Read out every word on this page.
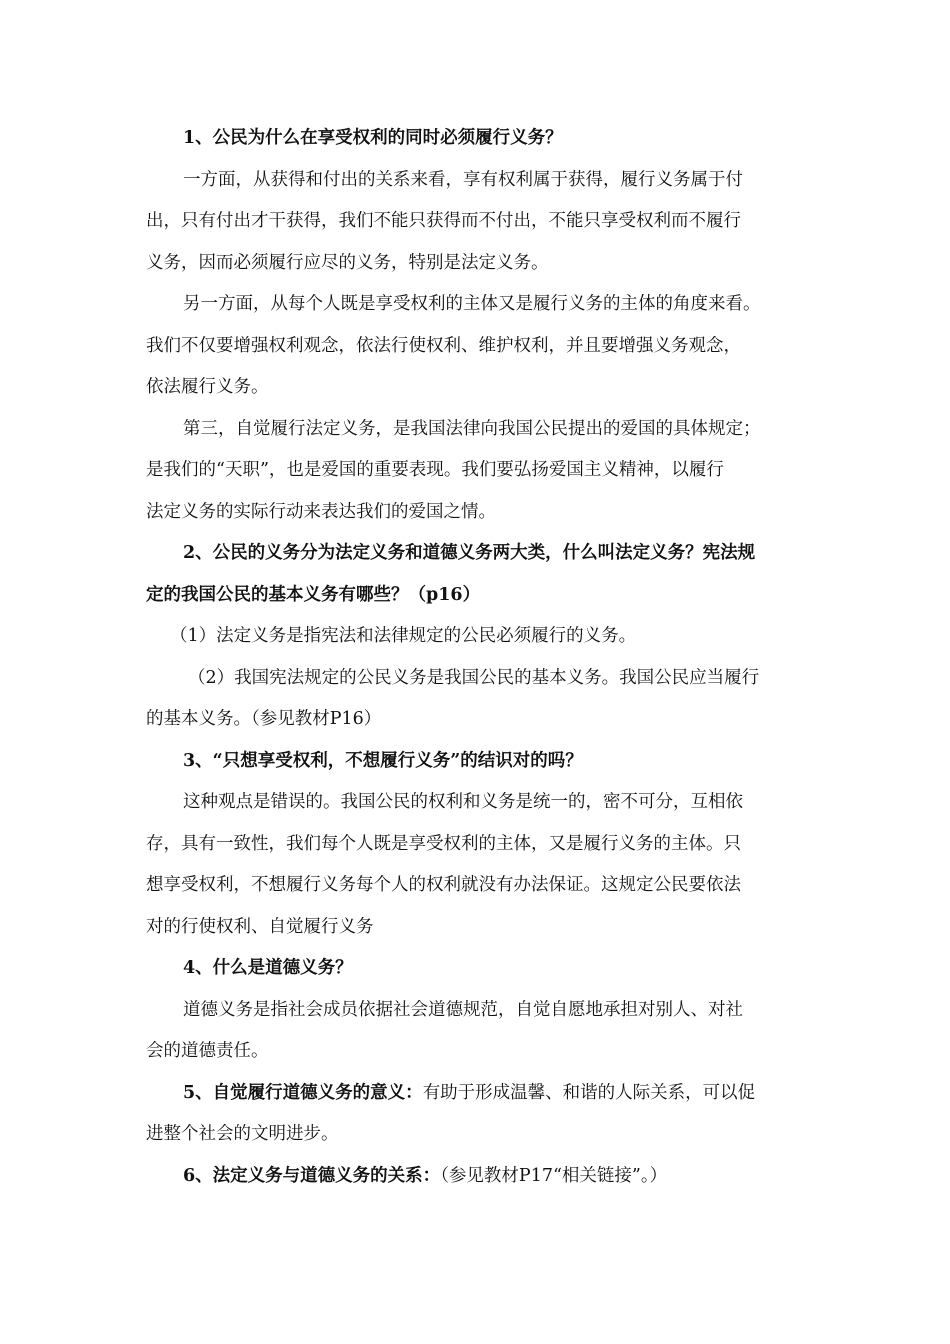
1、公民为什么在享受权利的同时必须履行义务？
一方面，从获得和付出的关系来看，享有权利属于获得，履行义务属于付
出，只有付出才干获得，我们不能只获得而不付出，不能只享受权利而不履行
义务，因而必须履行应尽的义务，特别是法定义务。
另一方面，从每个人既是享受权利的主体又是履行义务的主体的角度来看。
我们不仅要增强权利观念，依法行使权利、维护权利，并且要增强义务观念，
依法履行义务。
第三，自觉履行法定义务，是我国法律向我国公民提出的爱国的具体规定；
是我们的“天职”，也是爱国的重要表现。我们要弘扬爱国主义精神，以履行
法定义务的实际行动来表达我们的爱国之情。
2、公民的义务分为法定义务和道德义务两大类，什么叫法定义务？宪法规
定的我国公民的基本义务有哪些？（p16）
（1）法定义务是指宪法和法律规定的公民必须履行的义务。
（2）我国宪法规定的公民义务是我国公民的基本义务。我国公民应当履行
的基本义务。（参见教材P16）
3、“只想享受权利，不想履行义务”的结识对的吗？
这种观点是错误的。我国公民的权利和义务是统一的，密不可分，互相依
存，具有一致性，我们每个人既是享受权利的主体，又是履行义务的主体。只
想享受权利，不想履行义务每个人的权利就没有办法保证。这规定公民要依法
对的行使权利、自觉履行义务
4、什么是道德义务？
道德义务是指社会成员依据社会道德规范，自觉自愿地承担对别人、对社
会的道德责任。
5、自觉履行道德义务的意义：有助于形成温馨、和谐的人际关系，可以促
进整个社会的文明进步。
6、法定义务与道德义务的关系：（参见教材P17“相关链接”。）
